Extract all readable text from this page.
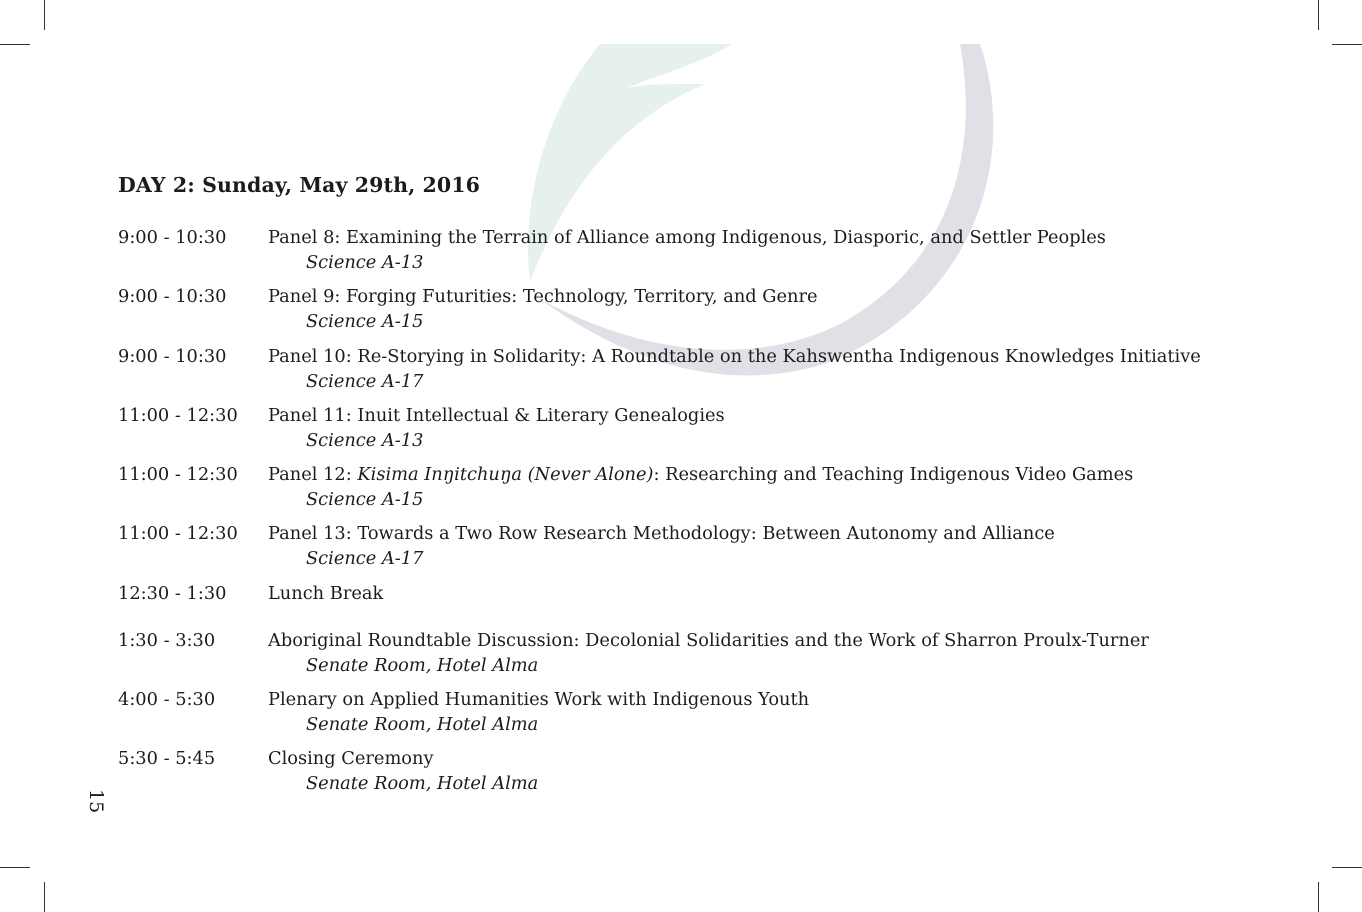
DAY 2: Sunday, May 29th, 2016
9:00 - 10:30 Panel 8: Examining the Terrain of Alliance among Indigenous, Diasporic, and Settler Peoples
Science A-13
9:00 - 10:30 Panel 9: Forging Futurities: Technology, Territory, and Genre
Science A-15
9:00 - 10:30 Panel 10: Re-Storying in Solidarity: A Roundtable on the Kahswentha Indigenous Knowledges Initiative
Science A-17
11:00 - 12:30 Panel 11: Inuit Intellectual & Literary Genealogies
Science A-13
11:00 - 12:30 Panel 12: Kisima Inŋitchuŋa (Never Alone): Researching and Teaching Indigenous Video Games
Science A-15
11:00 - 12:30 Panel 13: Towards a Two Row Research Methodology: Between Autonomy and Alliance
Science A-17
12:30 - 1:30 Lunch Break
1:30 - 3:30	Aboriginal Roundtable Discussion: Decolonial Solidarities and the Work of Sharron Proulx-Turner
Senate Room, Hotel Alma
4:00 - 5:30	Plenary on Applied Humanities Work with Indigenous Youth
Senate Room, Hotel Alma
5:30 - 5:45	Closing Ceremony
Senate Room, Hotel Alma
15
